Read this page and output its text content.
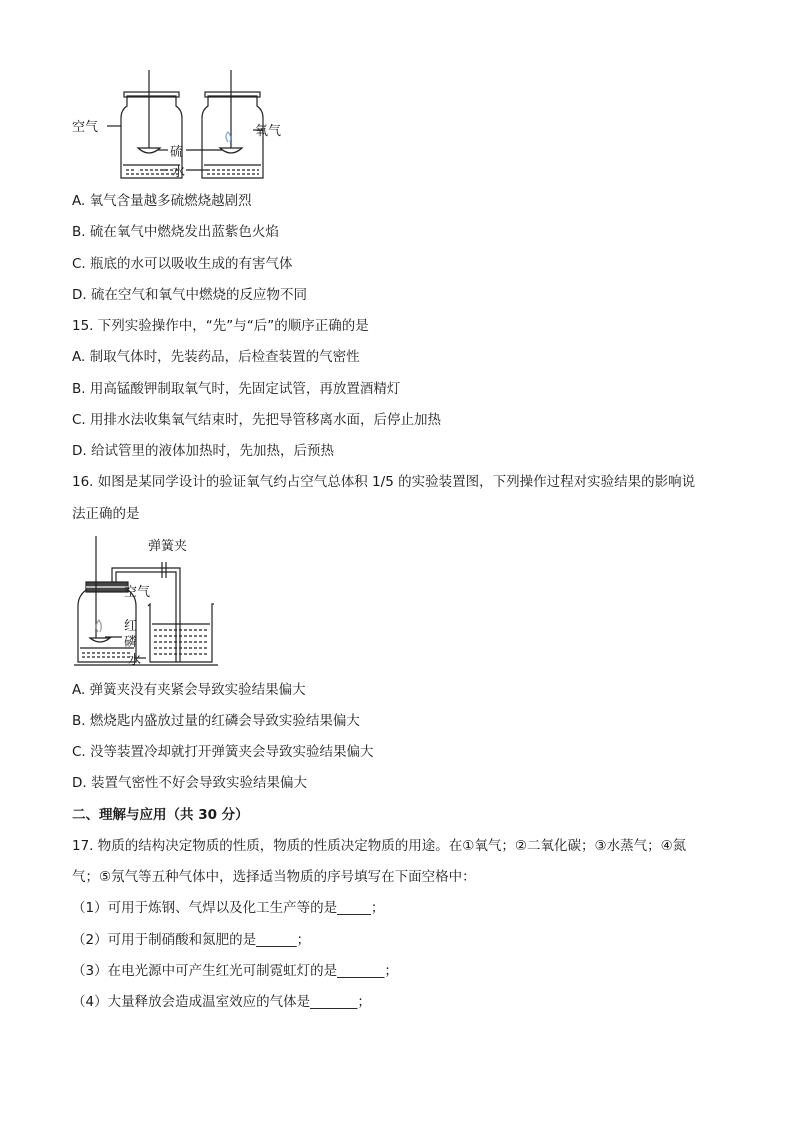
空气
硫
氧气
水
A. 氧气含量越多硫燃烧越剧烈
B. 硫在氧气中燃烧发出蓝紫色火焰
C. 瓶底的水可以吸收生成的有害气体
D. 硫在空气和氧气中燃烧的反应物不同
15. 下列实验操作中，“先”与“后”的顺序正确的是
A. 制取气体时，先装药品，后检查装置的气密性
B. 用高锰酸钾制取氧气时，先固定试管，再放置酒精灯
C. 用排水法收集氧气结束时，先把导管移离水面，后停止加热
D. 给试管里的液体加热时，先加热，后预热
16. 如图是某同学设计的验证氧气约占空气总体积 1/5 的实验装置图，下列操作过程对实验结果的影响说
法正确的是
弹簧夹
空气
红
磷
水
A. 弹簧夹没有夹紧会导致实验结果偏大
B. 燃烧匙内盛放过量的红磷会导致实验结果偏大
C. 没等装置冷却就打开弹簧夹会导致实验结果偏大
D. 装置气密性不好会导致实验结果偏大
二、理解与应用（共 30 分）
17. 物质的结构决定物质的性质，物质的性质决定物质的用途。在①氧气；②二氧化碳；③水蒸气；④氮
气；⑤氖气等五种气体中，选择适当物质的序号填写在下面空格中：
（1）可用于炼钢、气焊以及化工生产等的是_____；
（2）可用于制硝酸和氮肥的是______；
（3）在电光源中可产生红光可制霓虹灯的是_______；
（4）大量释放会造成温室效应的气体是_______；
